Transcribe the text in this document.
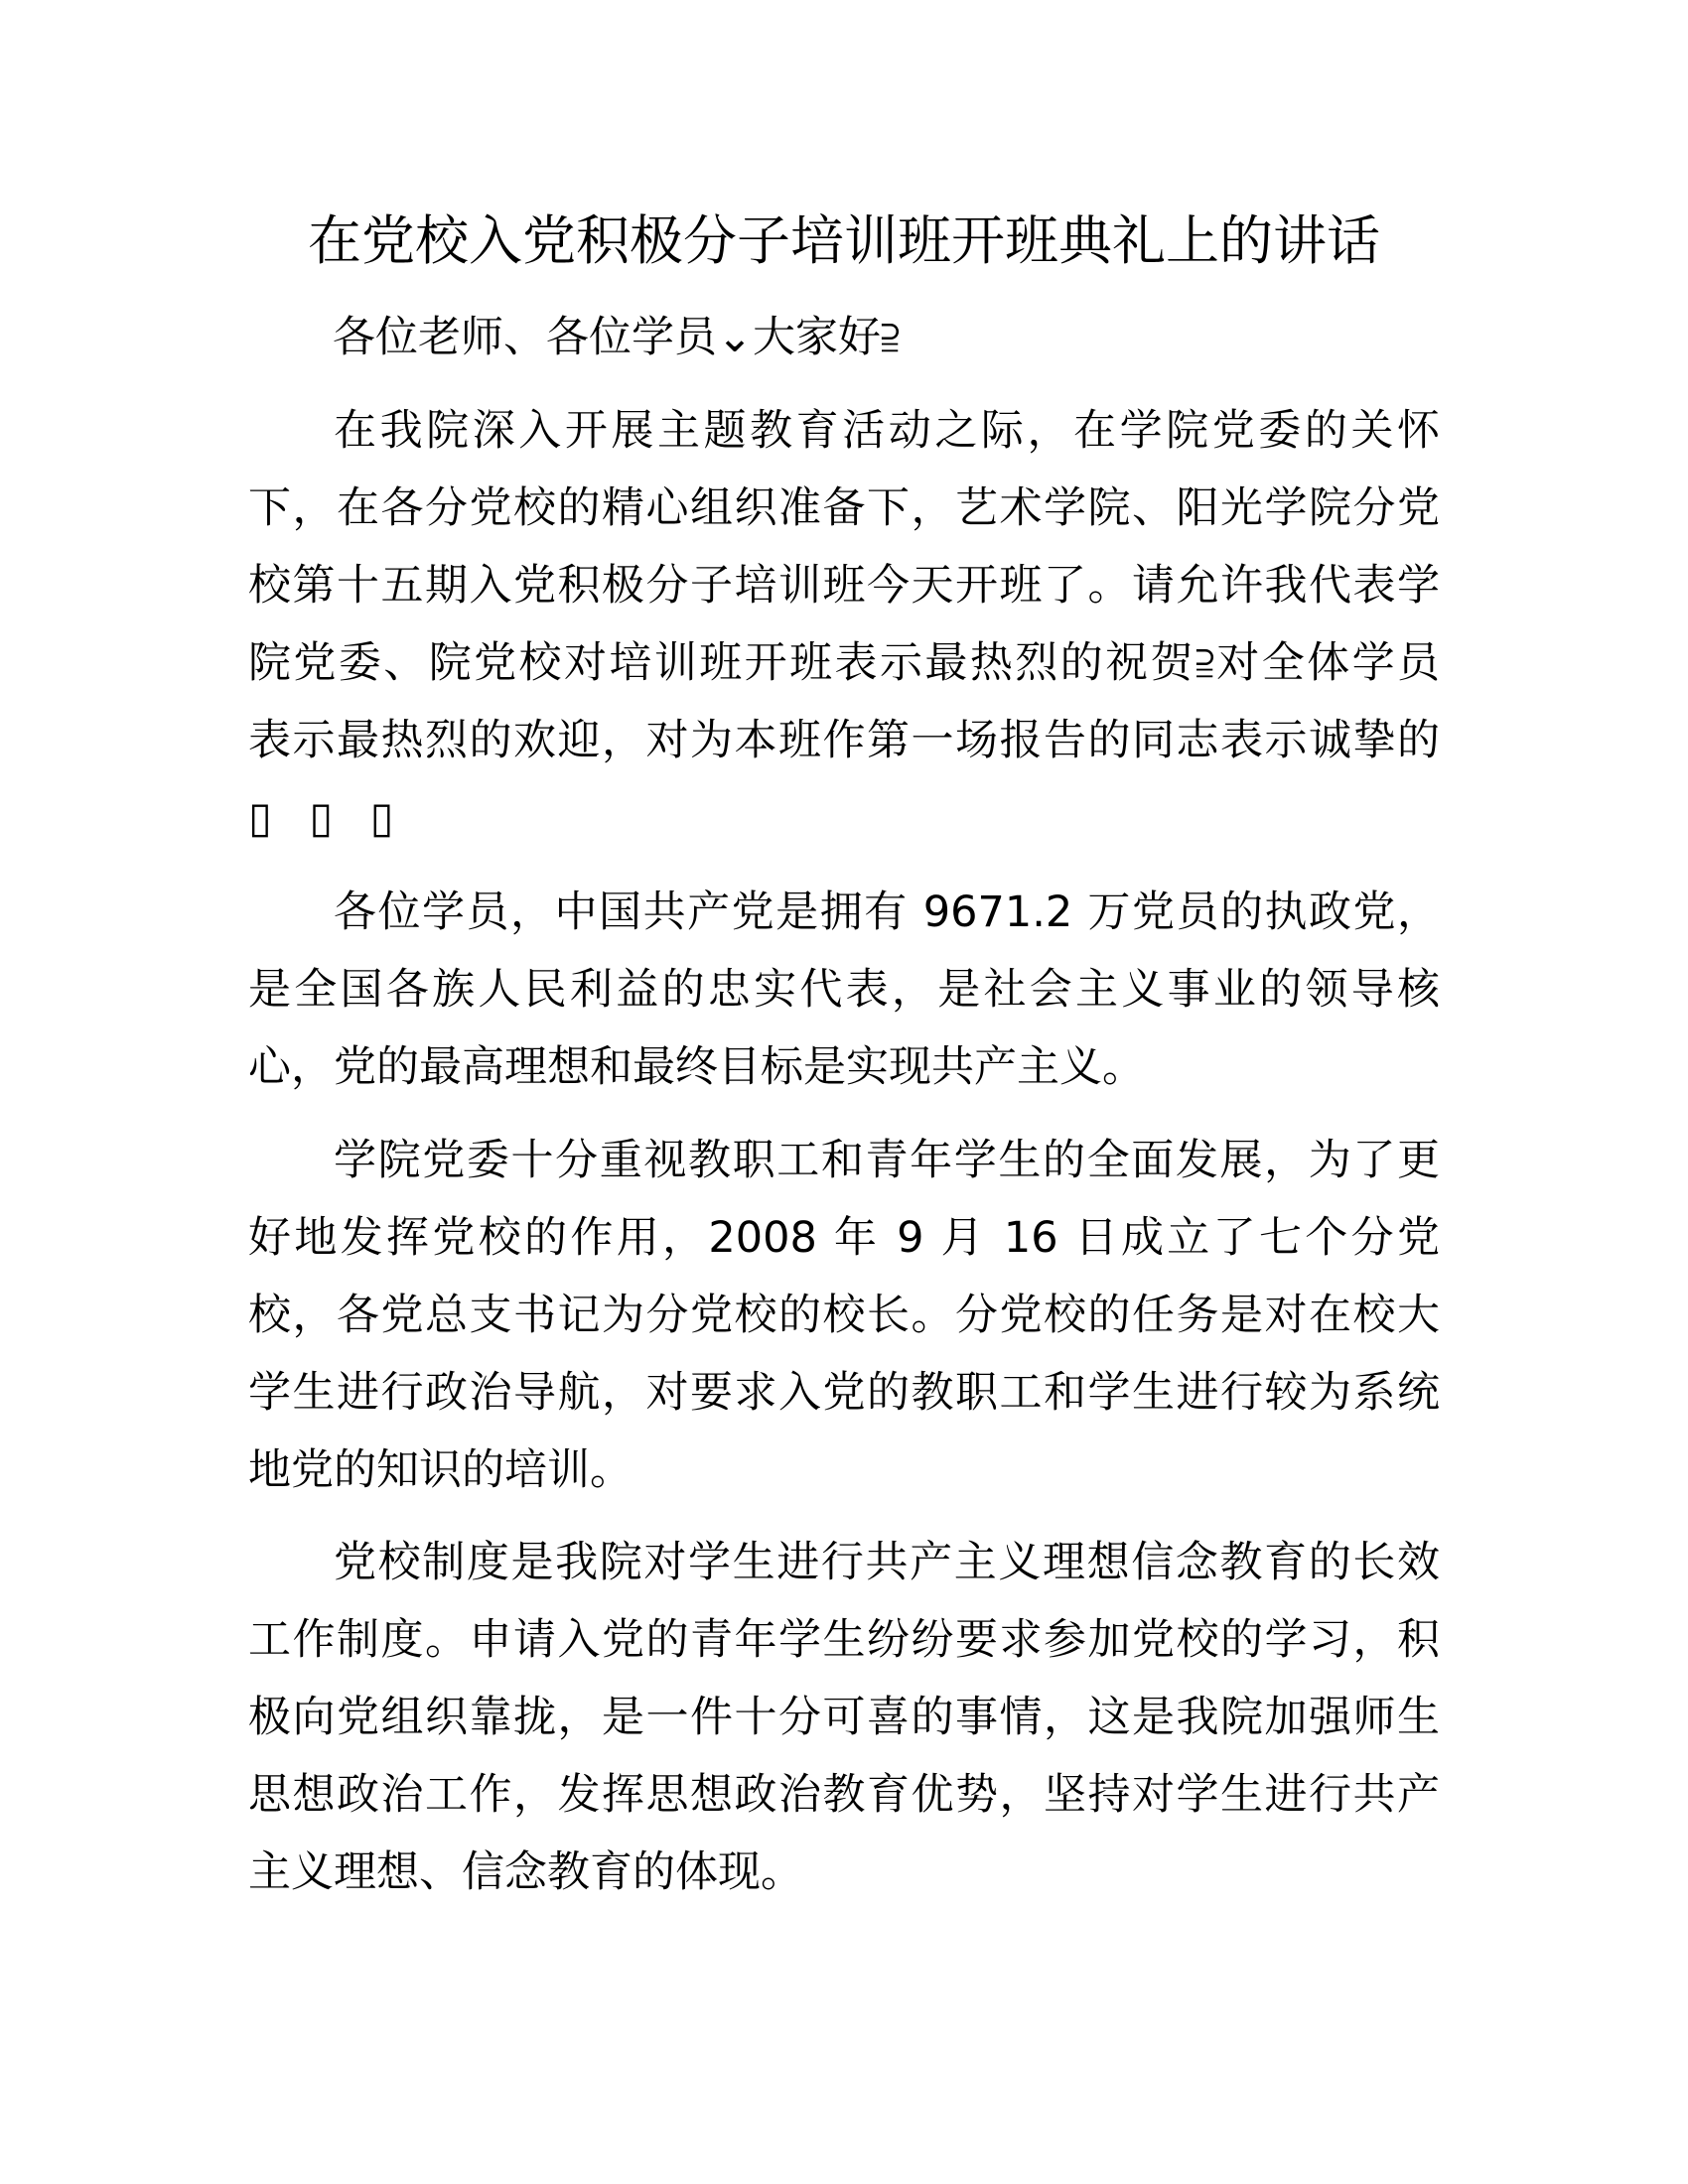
在党校入党积极分子培训班开班典礼上的讲话
各位老师、各位学员⌄大家好⫆
在我院深入开展主题教育活动之际，在学院党委的关怀
下，在各分党校的精心组织准备下，艺术学院、阳光学院分党
校第十五期入党积极分子培训班今天开班了。请允许我代表学
院党委、院党校对培训班开班表示最热烈的祝贺⫆对全体学员
表示最热烈的欢迎，对为本班作第一场报告的同志表示诚挚的
▯ ▯ ▯
各位学员，中国共产党是拥有 9671.2 万党员的执政党，
是全国各族人民利益的忠实代表，是社会主义事业的领导核
心，党的最高理想和最终目标是实现共产主义。
学院党委十分重视教职工和青年学生的全面发展，为了更
好地发挥党校的作用，2008 年 9 月 16 日成立了七个分党
校，各党总支书记为分党校的校长。分党校的任务是对在校大
学生进行政治导航，对要求入党的教职工和学生进行较为系统
地党的知识的培训。
党校制度是我院对学生进行共产主义理想信念教育的长效
工作制度。申请入党的青年学生纷纷要求参加党校的学习，积
极向党组织靠拢，是一件十分可喜的事情，这是我院加强师生
思想政治工作，发挥思想政治教育优势，坚持对学生进行共产
主义理想、信念教育的体现。
